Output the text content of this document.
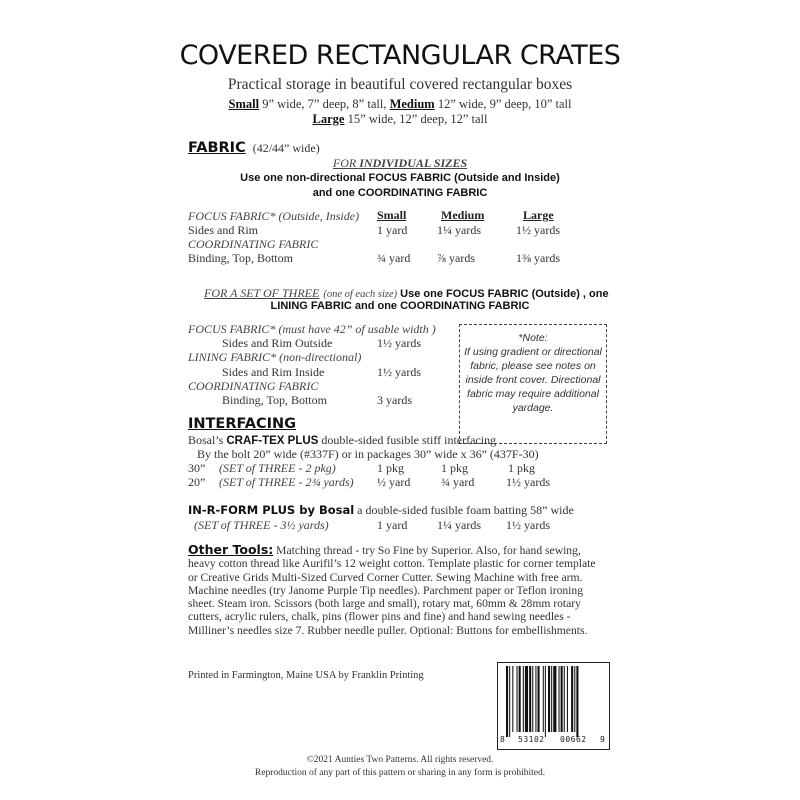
COVERED RECTANGULAR CRATES
Practical storage in beautiful covered rectangular boxes
Small 9” wide, 7” deep, 8” tall, Medium 12” wide, 9” deep, 10” tall
Large 15” wide, 12” deep, 12” tall
FABRIC (42/44” wide)
FOR INDIVIDUAL SIZES
Use one non-directional FOCUS FABRIC (Outside and Inside)
and one COORDINATING FABRIC
Small	Medium	Large
FOCUS FABRIC* (Outside, Inside)
Sides and Rim	1 yard 1¼ yards	1½ yards
COORDINATING FABRIC
Binding, Top, Bottom	¾ yard ⅞ yards	1⅜ yards
FOR A SET OF THREE (one of each size) Use one FOCUS FABRIC (Outside) , one
LINING FABRIC and one COORDINATING FABRIC
FOCUS FABRIC* (must have 42” of usable width )
Sides and Rim Outside	1½ yards
LINING FABRIC* (non-directional)
Sides and Rim Inside	1½ yards
COORDINATING FABRIC
Binding, Top, Bottom	3 yards
*Note:
If using gradient or directional
fabric, please see notes on
inside front cover. Directional
fabric may require additional
yardage.
INTERFACING
Bosal’s CRAF-TEX PLUS double-sided fusible stiff interfacing
By the bolt 20” wide (#337F) or in packages 30” wide x 36” (437F-30)
30” (SET of THREE - 2 pkg)	1 pkg	1 pkg	1 pkg
20” (SET of THREE - 2¾ yards) ½ yard	¾ yard	1½ yards
IN-R-FORM PLUS by Bosal a double-sided fusible foam batting 58” wide
(SET of THREE - 3½ yards)	1 yard 1¼ yards 1½ yards
Other Tools: Matching thread - try So Fine by Superior. Also, for hand sewing, heavy cotton thread like Aurifil’s 12 weight cotton. Template plastic for corner template or Creative Grids Multi-Sized Curved Corner Cutter. Sewing Machine with free arm. Machine needles (try Janome Purple Tip needles). Parchment paper or Teflon ironing sheet. Steam iron. Scissors (both large and small), rotary mat, 60mm & 28mm rotary cutters, acrylic rulers, chalk, pins (flower pins and fine) and hand sewing needles - Milliner’s needles size 7. Rubber needle puller. Optional: Buttons for embellishments.
Printed in Farmington, Maine USA by Franklin Printing
8 53102 00662 9
©2021 Aunties Two Patterns. All rights reserved.
Reproduction of any part of this pattern or sharing in any form is prohibited.
